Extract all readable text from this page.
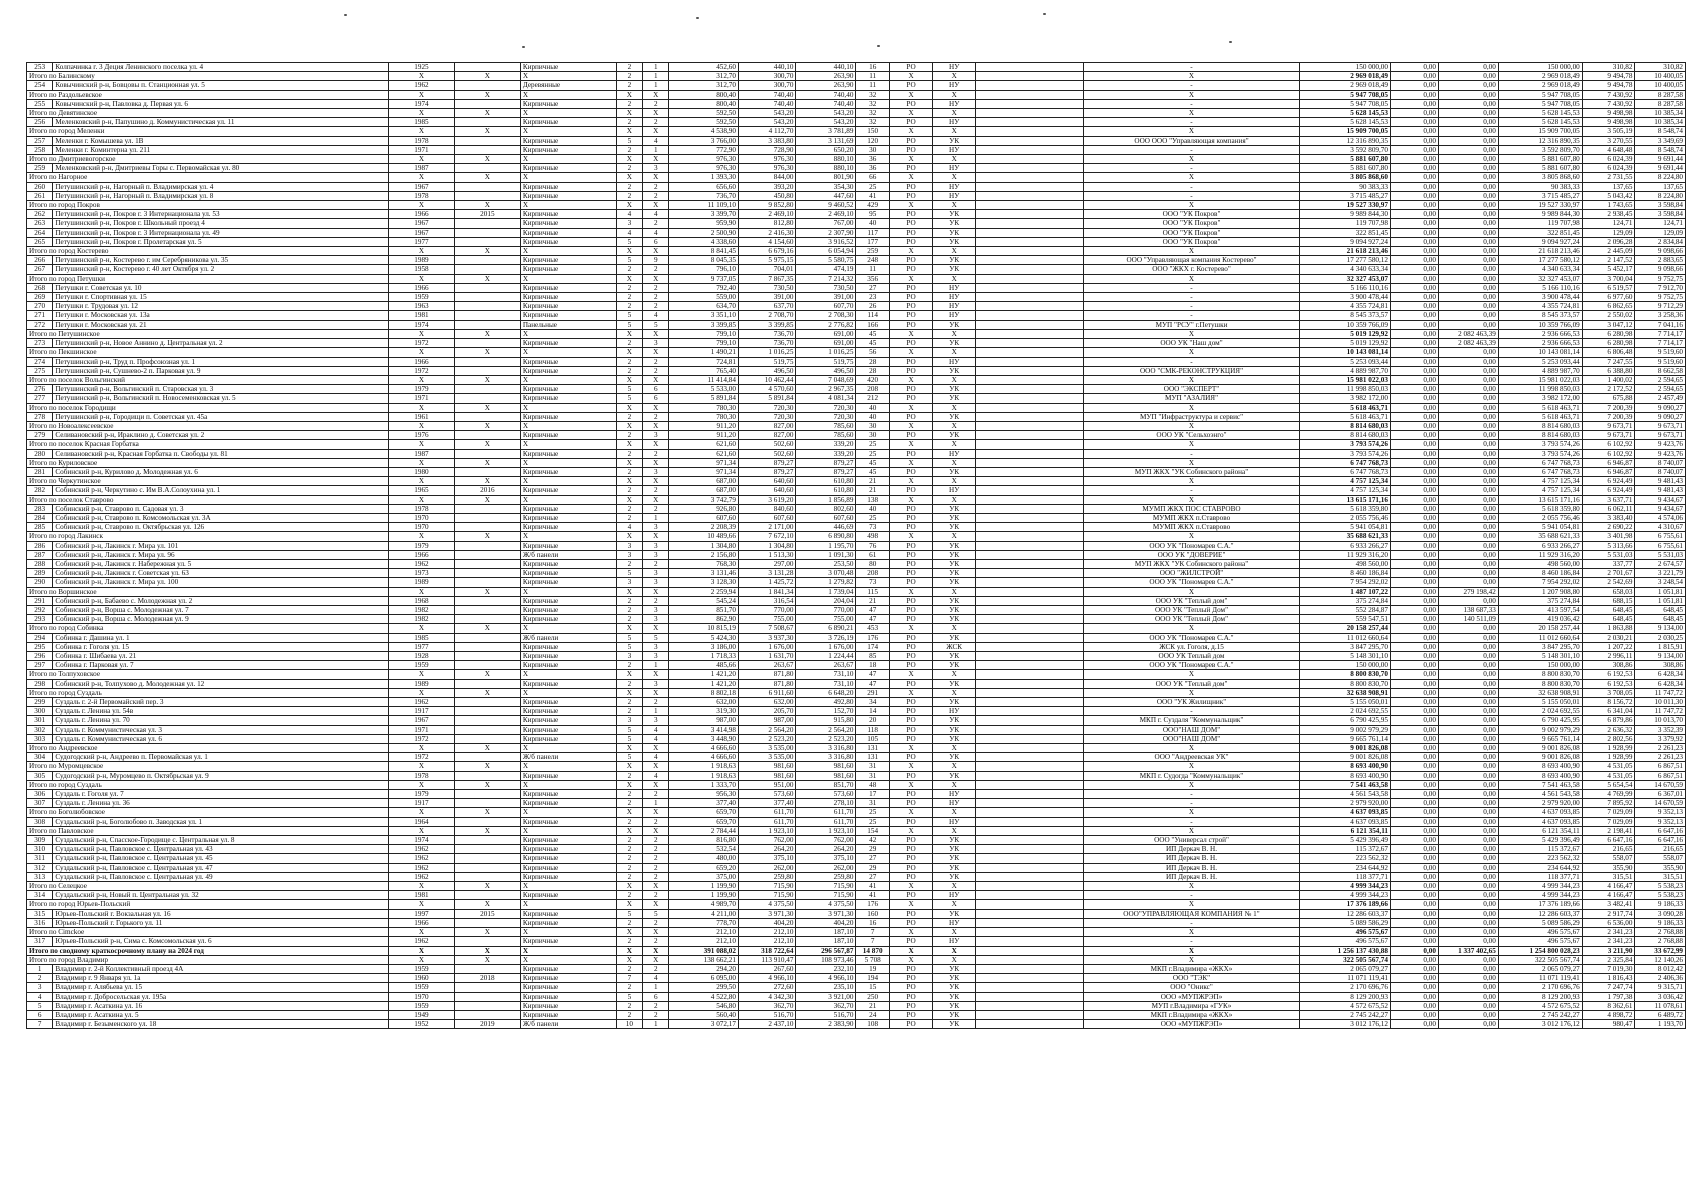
253	Колпачинка г. 3 Деция Ленинского поселка ул. 4	1925		Кирпичные	2	1	452,60	440,10	440,10	16	РО	НУ		-	150 000,00	0,00	0,00	150 000,00	310,82	310,82
Итого по Балинскому		X	X	X	2	1	312,70	300,70	263,90	11	X	X		X	2 969 018,49	0,00	0,00	2 969 018,49	9 494,78	10 400,05
254	Ковычинский р-н, Бовцовы п. Станционная ул. 5	1962		Деревянные	2	1	312,70	300,70	263,90	11	РО	НУ		-	2 969 018,49	0,00	0,00	2 969 018,49	9 494,78	10 400,05
Итого по Раздольевское		X	X	X	X	X	800,40	740,40	740,40	32	X	X		X	5 947 708,05	0,00	0,00	5 947 708,05	7 430,92	8 287,58
255	Ковычинский р-н, Павловка д. Первая ул. 6	1974		Кирпичные	2	2	800,40	740,40	740,40	32	РО	НУ		-	5 947 708,05	0,00	0,00	5 947 708,05	7 430,92	8 287,58
Итого по Девятинское		X	X	X	X	X	592,50	543,20	543,20	32	X	X		X	5 628 145,53	0,00	0,00	5 628 145,53	9 498,98	10 385,34
256	Меленковский р-н, Папушино д. Коммунистическая ул. 11	1985		Кирпичные	2	2	592,50	543,20	543,20	32	РО	НУ		-	5 628 145,53	0,00	0,00	5 628 145,53	9 498,98	10 385,34
Итого по город Меленки		X	X	X	X	X	4 538,90	4 112,70	3 781,89	150	X	X		X	15 909 700,05	0,00	0,00	15 909 700,05	3 505,19	8 548,74
257	Меленки г. Комышева ул. 1В	1978		Кирпичные	5	4	3 766,00	3 383,80	3 131,69	120	РО	УК		ООО ООО "Управляющая компания"	12 316 890,35	0,00	0,00	12 316 890,35	3 270,55	3 349,69
258	Меленки г. Коминтерна ул. 211	1971		Кирпичные	2	1	772,90	728,90	650,20	30	РО	НУ		-	3 592 809,70	0,00	0,00	3 592 809,70	4 648,48	8 548,74
Итого по Дмитриевогорское		X	X	X	X	X	976,30	976,30	880,10	36	X	X		X	5 881 607,80	0,00	0,00	5 881 607,80	6 024,39	9 691,44
259	Меленковский р-н, Дмитриевы Горы с. Первомайская ул. 80	1987		Кирпичные	2	3	976,30	976,30	880,10	36	РО	НУ		-	5 881 607,80	0,00	0,00	5 881 607,80	6 024,39	9 691,44
Итого по Нагорное		X	X	X	X	X	1 393,30	844,00	801,90	66	X	X		X	3 805 868,60	0,00	0,00	3 805 868,60	2 731,55	8 224,80
260	Петушинский р-н, Нагорный п. Владимирская ул. 4	1967		Кирпичные	2	2	656,60	393,20	354,30	25	РО	НУ		-	90 383,33	0,00	0,00	90 383,33	137,65	137,65
261	Петушинский р-н, Нагорный п. Владимирская ул. 8	1978		Кирпичные	2	2	736,70	450,80	447,60	41	РО	НУ		-	3 715 485,27	0,00	0,00	3 715 485,27	5 043,42	8 224,80
Итого по город Покров		X	X	X	X	X	11 109,10	9 852,80	9 460,52	429	X	X		X	19 527 330,97	0,00	0,00	19 527 330,97	1 743,65	3 598,84
262	Петушинский р-н, Покров г. 3 Интернационала ул. 53	1966	2015	Кирпичные	4	4	3 399,70	2 469,10	2 469,10	95	РО	УК		ООО "УК Покров"	9 989 844,30	0,00	0,00	9 989 844,30	2 938,45	3 598,84
263	Петушинский р-н, Покров г. Школьный проезд 4	1967		Кирпичные	3	2	959,90	812,80	767,00	40	РО	УК		ООО "УК Покров"	119 707,98	0,00	0,00	119 707,98	124,71	124,71
264	Петушинский р-н, Покров г. 3 Интернационала ул. 49	1967		Кирпичные	4	4	2 500,90	2 416,30	2 307,90	117	РО	УК		ООО "УК Покров"	322 851,45	0,00	0,00	322 851,45	129,09	129,09
265	Петушинский р-н, Покров г. Пролетарская ул. 5	1977		Кирпичные	5	6	4 338,60	4 154,60	3 916,52	177	РО	УК		ООО "УК Покров"	9 094 927,24	0,00	0,00	9 094 927,24	2 096,28	2 834,84
Итого по город Костерево		X	X	X	X	X	8 841,45	6 679,16	6 054,94	259	X	X		X	21 618 213,46	0,00	0,00	21 618 213,46	2 445,09	9 098,66
266	Петушинский р-н, Костерево г. им Серебряникова ул. 35	1989		Кирпичные	5	9	8 045,35	5 975,15	5 580,75	248	РО	УК		ООО "Управляющая компания Костерево"	17 277 580,12	0,00	0,00	17 277 580,12	2 147,52	2 883,65
267	Петушинский р-н, Костерево г. 40 лет Октября ул. 2	1958		Кирпичные	2	2	796,10	704,01	474,19	11	РО	УК		ООО "ЖКХ г. Костерево"	4 340 633,34	0,00	0,00	4 340 633,34	5 452,17	9 098,66
Итого по город Петушки		X	X	X	X	X	9 737,05	7 867,35	7 214,32	356	X	X		X	32 327 453,07	0,00	0,00	32 327 453,07	3 700,04	9 752,75
268	Петушки г. Советская ул. 10	1966		Кирпичные	2	2	792,40	730,50	730,50	27	РО	НУ		-	5 166 110,16	0,00	0,00	5 166 110,16	6 519,57	7 912,70
269	Петушки г. Спортивная ул. 15	1959		Кирпичные	2	2	559,00	391,00	391,00	23	РО	НУ		-	3 900 478,44	0,00	0,00	3 900 478,44	6 977,60	9 752,75
270	Петушки г. Трудовая ул. 12	1963		Кирпичные	2	2	634,70	637,70	607,70	26	РО	НУ		-	4 355 724,81	0,00	0,00	4 355 724,81	6 862,65	9 712,29
271	Петушки г. Московская ул. 13а	1981		Кирпичные	5	4	3 351,10	2 708,70	2 708,30	114	РО	НУ		-	8 545 373,57	0,00	0,00	8 545 373,57	2 550,02	3 258,36
272	Петушки г. Московская ул. 21	1974		Панельные	5	5	3 399,85	3 399,85	2 776,82	166	РО	УК		МУП "РСУ" г.Петушки	10 359 766,09	0,00	0,00	10 359 766,09	3 047,12	7 041,16
Итого по Петушинское		X	X	X	X	X	799,10	736,70	691,00	45	X	X		X	5 019 129,92	0,00	2 082 463,39	2 936 666,53	6 280,98	7 714,17
273	Петушинский р-н, Новое Аннино д. Центральная ул. 2	1972		Кирпичные	2	3	799,10	736,70	691,00	45	РО	УК		ООО УК "Наш дом"	5 019 129,92	0,00	2 082 463,39	2 936 666,53	6 280,98	7 714,17
Итого по Пекшинское		X	X	X	X	X	1 490,21	1 016,25	1 016,25	56	X	X		X	10 143 081,14	0,00	0,00	10 143 081,14	6 806,48	9 519,60
274	Петушинский р-н, Труд п. Профсоюзная ул. 1	1966		Кирпичные	2	2	724,81	519,75	519,75	28	РО	НУ		-	5 253 093,44	0,00	0,00	5 253 093,44	7 247,55	9 519,60
275	Петушинский р-н, Сушнево-2 п. Парковая ул. 9	1972		Кирпичные	2	2	765,40	496,50	496,50	28	РО	УК		ООО "СМК-РЕКОНСТРУКЦИЯ"	4 889 987,70	0,00	0,00	4 889 987,70	6 388,80	8 662,58
Итого по поселок Вольгинский		X	X	X	X	X	11 414,84	10 462,44	7 048,69	420	X	X		X	15 981 022,03	0,00	0,00	15 981 022,03	1 400,02	2 594,65
276	Петушинский р-н, Вольгинский п. Старовская ул. 3	1979		Кирпичные	5	6	5 533,00	4 570,60	2 967,35	208	РО	УК		ООО "ЭКСПЕРТ"	11 998 850,03	0,00	0,00	11 998 850,03	2 172,52	2 594,65
277	Петушинский р-н, Вольгинский п. Новосеменковская ул. 5	1971		Кирпичные	5	6	5 891,84	5 891,84	4 081,34	212	РО	УК		МУП "АЗАЛИЯ"	3 982 172,00	0,00	0,00	3 982 172,00	675,88	2 457,49
Итого по поселок Городищи		X	X	X	X	X	780,30	720,30	720,30	40	X	X		X	5 618 463,71	0,00	0,00	5 618 463,71	7 200,39	9 090,27
278	Петушинский р-н, Городищи п. Советская ул. 45а	1961		Кирпичные	2	2	780,30	720,30	720,30	40	РО	УК		МУП "Инфраструктура и сервис"	5 618 463,71	0,00	0,00	5 618 463,71	7 200,39	9 090,27
Итого по Новоалексеевское		X	X	X	X	X	911,20	827,00	785,60	30	X	X		X	8 814 680,03	0,00	0,00	8 814 680,03	9 673,71	9 673,71
279	Селивановский р-н, Ираклино д. Советская ул. 2	1976		Кирпичные	2	3	911,20	827,00	785,60	30	РО	УК		ООО УК "Сельхоэнго"	8 814 680,03	0,00	0,00	8 814 680,03	9 673,71	9 673,71
Итого по поселок Красная Горбатка		X	X	X	X	X	621,60	502,60	339,20	25	X	X		X	3 793 574,26	0,00	0,00	3 793 574,26	6 102,92	9 423,76
280	Селивановский р-н, Красная Горбатка п. Свободы ул. 81	1987		Кирпичные	2	2	621,60	502,60	339,20	25	РО	НУ		-	3 793 574,26	0,00	0,00	3 793 574,26	6 102,92	9 423,76
Итого по Куриловское		X	X	X	X	X	971,34	879,27	879,27	45	X	X		X	6 747 768,73	0,00	0,00	6 747 768,73	6 946,87	8 740,07
281	Собинский р-н, Курилово д. Молодежная ул. 6	1980		Кирпичные	2	3	971,34	879,27	879,27	45	РО	УК		МУП ЖКХ "УК Собинского района"	6 747 768,73	0,00	0,00	6 747 768,73	6 946,87	8 740,07
Итого по Черкутинское		X	X	X	X	X	687,00	640,60	610,80	21	X	X		X	4 757 125,34	0,00	0,00	4 757 125,34	6 924,49	9 481,43
282	Собинский р-н, Черкутино с. Им В.А.Солоухина ул. 1	1965	2016	Кирпичные	2	2	687,00	640,60	610,80	21	РО	НУ		-	4 757 125,34	0,00	0,00	4 757 125,34	6 924,49	9 481,43
Итого по поселок Ставрово		X	X	X	X	X	3 742,79	3 619,20	1 856,89	138	X	X		X	13 615 171,16	0,00	0,00	13 615 171,16	3 637,71	9 434,67
283	Собинский р-н, Ставрово п. Садовая ул. 3	1978		Кирпичные	2	2	926,80	840,60	802,60	40	РО	УК		МУМП ЖКХ ПОС СТАВРОВО	5 618 359,80	0,00	0,00	5 618 359,80	6 062,11	9 434,67
284	Собинский р-н, Ставрово п. Комсомольская ул. 3А	1970		Кирпичные	2	1	607,60	607,60	607,60	25	РО	УК		МУМП ЖКХ п.Ставрово	2 055 756,46	0,00	0,00	2 055 756,46	3 383,40	4 574,06
285	Собинский р-н, Ставрово п. Октябрьская ул. 126	1970		Кирпичные	4	3	2 208,39	2 171,00	446,69	73	РО	УК		МУМП ЖКХ п.Ставрово	5 941 054,81	0,00	0,00	5 941 054,81	2 690,22	4 310,67
Итого по город Лакинск		X	X	X	X	X	10 489,66	7 672,10	6 890,80	498	X	X		X	35 688 621,33	0,00	0,00	35 688 621,33	3 401,98	6 755,61
286	Собинский р-н, Лакинск г. Мира ул. 101	1979		Кирпичные	3	3	1 304,80	1 304,80	1 195,70	76	РО	УК		ООО УК "Пономарев С.А."	6 933 266,27	0,00	0,00	6 933 266,27	5 313,66	6 755,61
287	Собинский р-н, Лакинск г. Мира ул. 96	1966		Ж/б панели	3	3	2 156,80	1 513,30	1 091,30	61	РО	УК		ООО УК "ДОВЕРИЕ"	11 929 316,20	0,00	0,00	11 929 316,20	5 531,03	5 531,03
288	Собинский р-н, Лакинск г. Набережная ул. 5	1962		Кирпичные	2	2	768,30	297,00	253,50	80	РО	УК		МУП ЖКХ "УК Собинского района"	498 560,00	0,00	0,00	498 560,00	337,77	2 674,57
289	Собинский р-н, Лакинск г. Советская ул. 63	1973		Кирпичные	5	3	3 131,46	3 131,28	3 070,48	208	РО	УК		ООО "ЖИЛСТРОЙ"	8 460 186,84	0,00	0,00	8 460 186,84	2 701,67	3 221,79
290	Собинский р-н, Лакинск г. Мира ул. 100	1989		Кирпичные	3	3	3 128,30	1 425,72	1 279,82	73	РО	УК		ООО УК "Пономарев С.А."	7 954 292,02	0,00	0,00	7 954 292,02	2 542,69	3 248,54
Итого по Воршинское		X	X	X	X	X	2 259,94	1 841,34	1 739,04	115	X	X		X	1 487 107,22	0,00	279 198,42	1 207 908,80	658,03	1 051,81
291	Собинский р-н, Бабаево с. Молодежная ул. 2	1968		Кирпичные	2	2	545,24	316,54	204,04	21	РО	УК		ООО УК "Теплый дом"	375 274,84	0,00	0,00	375 274,84	688,15	1 051,81
292	Собинский р-н, Ворша с. Молодежная ул. 7	1982		Кирпичные	2	3	851,70	770,00	770,00	47	РО	УК		ООО УК "Теплый Дом"	552 284,87	0,00	138 687,33	413 597,54	648,45	648,45
293	Собинский р-н, Ворша с. Молодежная ул. 9	1982		Кирпичные	2	3	862,90	755,00	755,00	47	РО	УК		ООО УК "Теплый Дом"	559 547,51	0,00	140 511,09	419 036,42	648,45	648,45
Итого по город Собинка		X	X	X	X	X	10 815,19	7 508,67	6 890,21	453	X	X		X	20 158 257,44	0,00	0,00	20 158 257,44	1 863,88	9 134,00
294	Собинка г. Дашина ул. 1	1985		Ж/б панели	5	5	5 424,30	3 937,30	3 726,19	176	РО	УК		ООО УК "Пономарев С.А."	11 012 660,64	0,00	0,00	11 012 660,64	2 030,21	2 030,25
295	Собинка г. Гоголя ул. 15	1977		Кирпичные	5	3	3 186,00	1 676,00	1 676,00	174	РО	ЖСК		ЖСК ул. Гоголя, д.15	3 847 295,70	0,00	0,00	3 847 295,70	1 207,22	1 815,91
296	Собинка г. Шибаева ул. 21	1928		Кирпичные	3	3	1 718,33	1 631,70	1 224,44	85	РО	УК		ООО УК Теплый дом	5 148 301,10	0,00	0,00	5 148 301,10	2 996,11	9 134,00
297	Собинка г. Парковая ул. 7	1959		Кирпичные	2	1	485,66	263,67	263,67	18	РО	УК		ООО УК "Пономарев С.А."	150 000,00	0,00	0,00	150 000,00	308,86	308,86
Итого по Толпуховское		X	X	X	X	X	1 421,20	871,80	731,10	47	X	X		X	8 800 830,70	0,00	0,00	8 800 830,70	6 192,53	6 428,34
298	Собинский р-н, Толпухово д. Молодежная ул. 12	1989		Кирпичные	2	3	1 421,20	871,80	731,10	47	РО	УК		ООО УК "Теплый дом"	8 800 830,70	0,00	0,00	8 800 830,70	6 192,53	6 428,34
Итого по город Суздаль		X	X	X	X	X	8 802,18	6 911,60	6 648,20	291	X	X		X	32 638 908,91	0,00	0,00	32 638 908,91	3 708,05	11 747,72
299	Суздаль г. 2-й Первомайский пер. 3	1962		Кирпичные	2	2	632,00	632,00	492,80	34	РО	УК		ООО "УК Жилищник"	5 155 050,01	0,00	0,00	5 155 050,01	8 156,72	10 011,30
300	Суздаль г. Ленина ул. 54в	1917		Кирпичные	2	1	319,30	205,70	152,70	14	РО	НУ		-	2 024 692,55	0,00	0,00	2 024 692,55	6 341,04	11 747,72
301	Суздаль г. Ленина ул. 70	1967		Кирпичные	3	3	987,00	987,00	915,80	20	РО	УК		МКП г. Суздаля "Коммунальщик"	6 790 425,95	0,00	0,00	6 790 425,95	6 879,86	10 013,70
302	Суздаль г. Коммунистическая ул. 3	1971		Кирпичные	5	4	3 414,98	2 564,20	2 564,20	118	РО	УК		ООО"НАШ ДОМ"	9 002 979,29	0,00	0,00	9 002 979,29	2 636,32	3 352,39
303	Суздаль г. Коммунистическая ул. 6	1972		Кирпичные	5	4	3 448,90	2 523,20	2 523,20	105	РО	УК		ООО"НАШ ДОМ"	9 665 761,14	0,00	0,00	9 665 761,14	2 802,56	3 379,92
Итого по Андреевское		X	X	X	X	X	4 666,60	3 535,00	3 316,80	131	X	X		X	9 001 826,08	0,00	0,00	9 001 826,08	1 928,99	2 261,23
304	Судогодский р-н, Андреево п. Первомайская ул. 1	1972		Ж/б панели	5	4	4 666,60	3 535,00	3 316,80	131	РО	УК		ООО "Андреевская УК"	9 001 826,08	0,00	0,00	9 001 826,08	1 928,99	2 261,23
Итого по Муромцевское		X	X	X	X	X	1 918,63	981,60	981,60	31	X	X		X	8 693 400,90	0,00	0,00	8 693 400,90	4 531,05	6 867,51
305	Судогодский р-н, Муромцево п. Октябрьская ул. 9	1978		Кирпичные	2	4	1 918,63	981,60	981,60	31	РО	УК		МКП г. Судогда "Коммунальщик"	8 693 400,90	0,00	0,00	8 693 400,90	4 531,05	6 867,51
Итого по город Суздаль		X	X	X	X	X	1 333,70	951,00	851,70	48	X	X		X	7 541 463,58	0,00	0,00	7 541 463,58	5 654,54	14 670,59
306	Суздаль г. Гоголя ул. 7	1979		Кирпичные	2	2	956,30	573,60	573,60	17	РО	НУ		-	4 561 543,58	0,00	0,00	4 561 543,58	4 769,99	6 367,01
307	Суздаль г. Ленина ул. 36	1917		Кирпичные	2	1	377,40	377,40	278,10	31	РО	НУ		-	2 979 920,00	0,00	0,00	2 979 920,00	7 895,92	14 670,59
Итого по Боголюбовское		X	X	X	X	X	659,70	611,70	611,70	25	X	X		X	4 637 093,85	0,00	0,00	4 637 093,85	7 029,09	9 352,13
308	Суздальский р-н, Боголюбово п. Заводская ул. 1	1964		Кирпичные	2	2	659,70	611,70	611,70	25	РО	НУ		-	4 637 093,85	0,00	0,00	4 637 093,85	7 029,09	9 352,13
Итого по Павловское		X	X	X	X	X	2 784,44	1 923,10	1 923,10	154	X	X		X	6 121 354,11	0,00	0,00	6 121 354,11	2 198,41	6 647,16
309	Суздальский р-н, Спасское-Городище с. Центральная ул. 8	1974		Кирпичные	2	2	816,80	762,00	762,00	42	РО	УК		ООО "Универсал строй"	5 429 396,49	0,00	0,00	5 429 396,49	6 647,16	6 647,16
310	Суздальский р-н, Павловское с. Центральная ул. 43	1962		Кирпичные	2	2	532,54	264,20	264,20	29	РО	УК		ИП Деркач В. Н.	115 372,67	0,00	0,00	115 372,67	216,65	216,65
311	Суздальский р-н, Павловское с. Центральная ул. 45	1962		Кирпичные	2	2	480,00	375,10	375,10	27	РО	УК		ИП Деркач В. Н.	223 562,32	0,00	0,00	223 562,32	558,07	558,07
312	Суздальский р-н, Павловское с. Центральная ул. 47	1962		Кирпичные	2	2	659,20	262,00	262,00	29	РО	УК		ИП Деркач В. Н.	234 644,92	0,00	0,00	234 644,92	355,90	355,90
313	Суздальский р-н, Павловское с. Центральная ул. 49	1962		Кирпичные	2	2	375,00	259,80	259,80	27	РО	УК		ИП Деркач В. Н.	118 377,71	0,00	0,00	118 377,71	315,51	315,51
Итого по Селецкое		X	X	X	X	X	1 199,90	715,90	715,90	41	X	X		X	4 999 344,23	0,00	0,00	4 999 344,23	4 166,47	5 538,23
314	Суздальский р-н, Новый п. Центральная ул. 32	1981		Кирпичные	2	2	1 199,90	715,90	715,90	41	РО	НУ		-	4 999 344,23	0,00	0,00	4 999 344,23	4 166,47	5 538,23
Итого по город Юрьев-Польский		X	X	X	X	X	4 989,70	4 375,50	4 375,50	176	X	X		X	17 376 189,66	0,00	0,00	17 376 189,66	3 482,41	9 186,33
315	Юрьев-Польский г. Вокзальная ул. 16	1997	2015	Кирпичные	5	5	4 211,00	3 971,30	3 971,30	160	РО	УК		ООО"УПРАВЛЯЮЩАЯ КОМПАНИЯ № 1"	12 286 603,37	0,00	0,00	12 286 603,37	2 917,74	3 090,28
316	Юрьев-Польский г. Горького ул. 11	1966		Кирпичные	2	2	778,70	404,20	404,20	16	РО	НУ		-	5 089 586,29	0,00	0,00	5 089 586,29	6 536,00	9 186,33
Итого по Сimсkoe		X	X	X	X	X	212,10	212,10	187,10	7	X	X		X	496 575,67	0,00	0,00	496 575,67	2 341,23	2 768,88
317	Юрьев-Польский р-н, Сима с. Комсомольская ул. 6	1962		Кирпичные	2	2	212,10	212,10	187,10	7	РО	НУ		-	496 575,67	0,00	0,00	496 575,67	2 341,23	2 768,88
Итого по сводному краткосрочному плану на 2024 год		X	X	X	X	X	391 088,02	318 722,64	296 567,87	14 870	X	X		X	1 256 137 430,88	0,00	1 337 402,65	1 254 800 028,23	3 211,90	33 672,99
Итого по город Владимир		X	X	X	X	X	138 662,21	113 910,47	108 973,46	5 708	X	X		X	322 505 567,74	0,00	0,00	322 505 567,74	2 325,84	12 140,26
1	Владимир г. 2-й Коллективный проезд 4А	1959		Кирпичные	2	2	294,20	267,60	232,10	19	РО	УК		МКП г.Владимира «ЖКХ»	2 065 079,27	0,00	0,00	2 065 079,27	7 019,30	8 012,42
2	Владимир г. 9 Января ул. 1а	1960	2018	Кирпичные	7	4	6 095,00	4 966,10	4 966,10	194	РО	УК		ООО "ТЭК"	11 071 119,41	0,00	0,00	11 071 119,41	1 816,43	2 406,36
3	Владимир г. Алябьева ул. 15	1959		Кирпичные	2	1	299,50	272,60	235,10	15	РО	УК		ООО "Оникс"	2 170 696,76	0,00	0,00	2 170 696,76	7 247,74	9 315,71
4	Владимир г. Добросельская ул. 195а	1970		Кирпичные	5	6	4 522,80	4 342,30	3 921,00	250	РО	УК		ООО «МУПЖРЭП»	8 129 200,93	0,00	0,00	8 129 200,93	1 797,38	3 036,42
5	Владимир г. Асаткина ул. 16	1959		Кирпичные	2	2	546,80	362,70	362,70	21	РО	УК		МУП г.Владимира «ГУК»	4 572 675,52	0,00	0,00	4 572 675,52	8 362,61	11 078,61
6	Владимир г. Асаткина ул. 5	1949		Кирпичные	2	2	560,40	516,70	516,70	24	РО	УК		МКП г.Владимира «ЖКХ»	2 745 242,27	0,00	0,00	2 745 242,27	4 898,72	6 489,72
7	Владимир г. Безыменского ул. 18	1952	2019	Ж/б панели	10	1	3 072,17	2 437,10	2 383,90	108	РО	УК		ООО «МУПЖРЭП»	3 012 176,12	0,00	0,00	3 012 176,12	980,47	1 193,70
